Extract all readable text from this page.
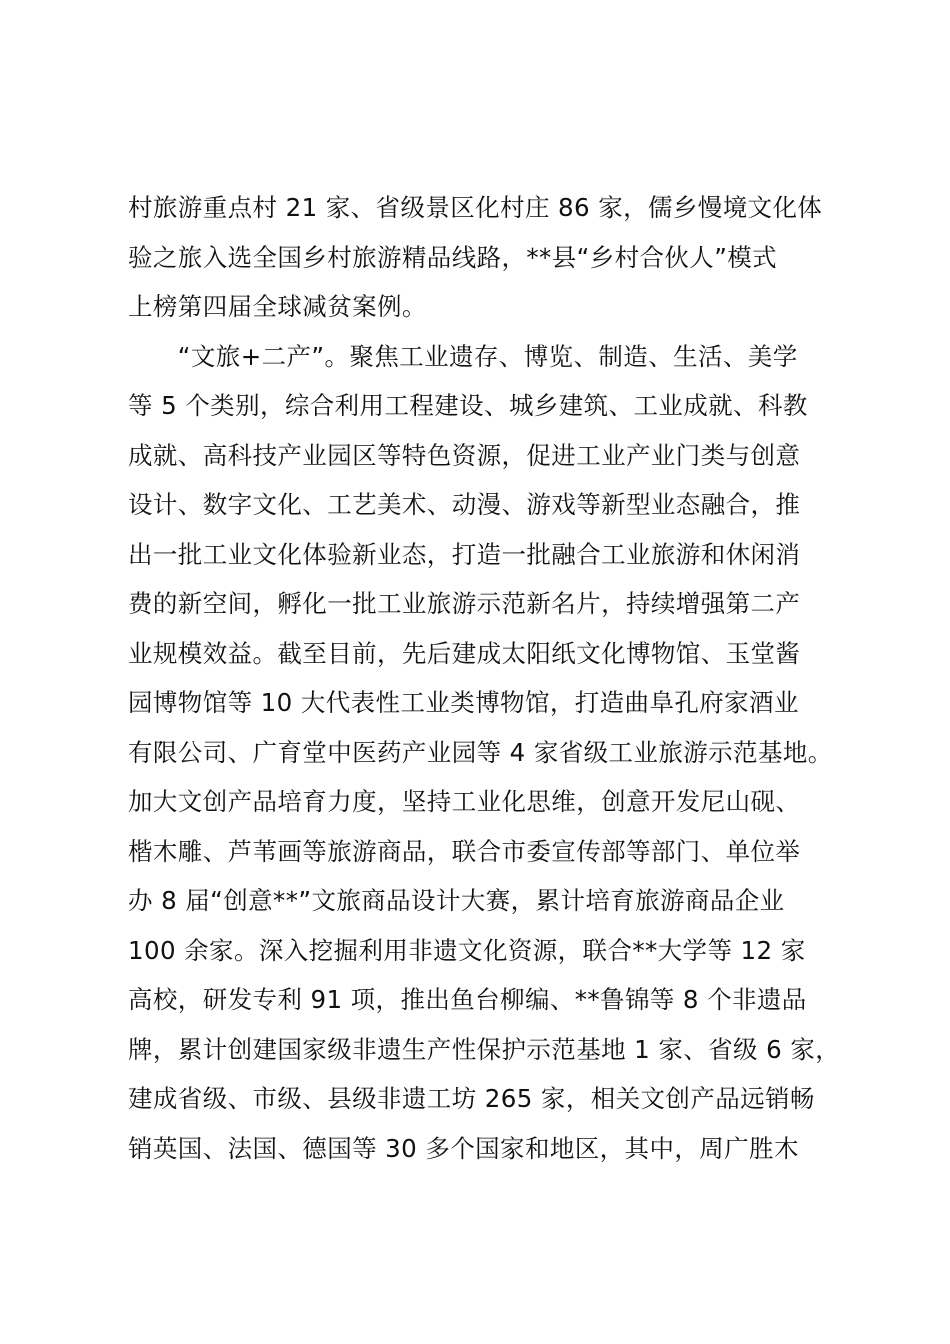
村旅游重点村 21 家、省级景区化村庄 86 家，儒乡慢境文化体
验之旅入选全国乡村旅游精品线路，**县“乡村合伙人”模式
上榜第四届全球减贫案例。
　　“文旅+二产”。聚焦工业遗存、博览、制造、生活、美学
等 5 个类别，综合利用工程建设、城乡建筑、工业成就、科教
成就、高科技产业园区等特色资源，促进工业产业门类与创意
设计、数字文化、工艺美术、动漫、游戏等新型业态融合，推
出一批工业文化体验新业态，打造一批融合工业旅游和休闲消
费的新空间，孵化一批工业旅游示范新名片，持续增强第二产
业规模效益。截至目前，先后建成太阳纸文化博物馆、玉堂酱
园博物馆等 10 大代表性工业类博物馆，打造曲阜孔府家酒业
有限公司、广育堂中医药产业园等 4 家省级工业旅游示范基地。
加大文创产品培育力度，坚持工业化思维，创意开发尼山砚、
楷木雕、芦苇画等旅游商品，联合市委宣传部等部门、单位举
办 8 届“创意**”文旅商品设计大赛，累计培育旅游商品企业
100 余家。深入挖掘利用非遗文化资源，联合**大学等 12 家
高校，研发专利 91 项，推出鱼台柳编、**鲁锦等 8 个非遗品
牌，累计创建国家级非遗生产性保护示范基地 1 家、省级 6 家，
建成省级、市级、县级非遗工坊 265 家，相关文创产品远销畅
销英国、法国、德国等 30 多个国家和地区，其中，周广胜木
